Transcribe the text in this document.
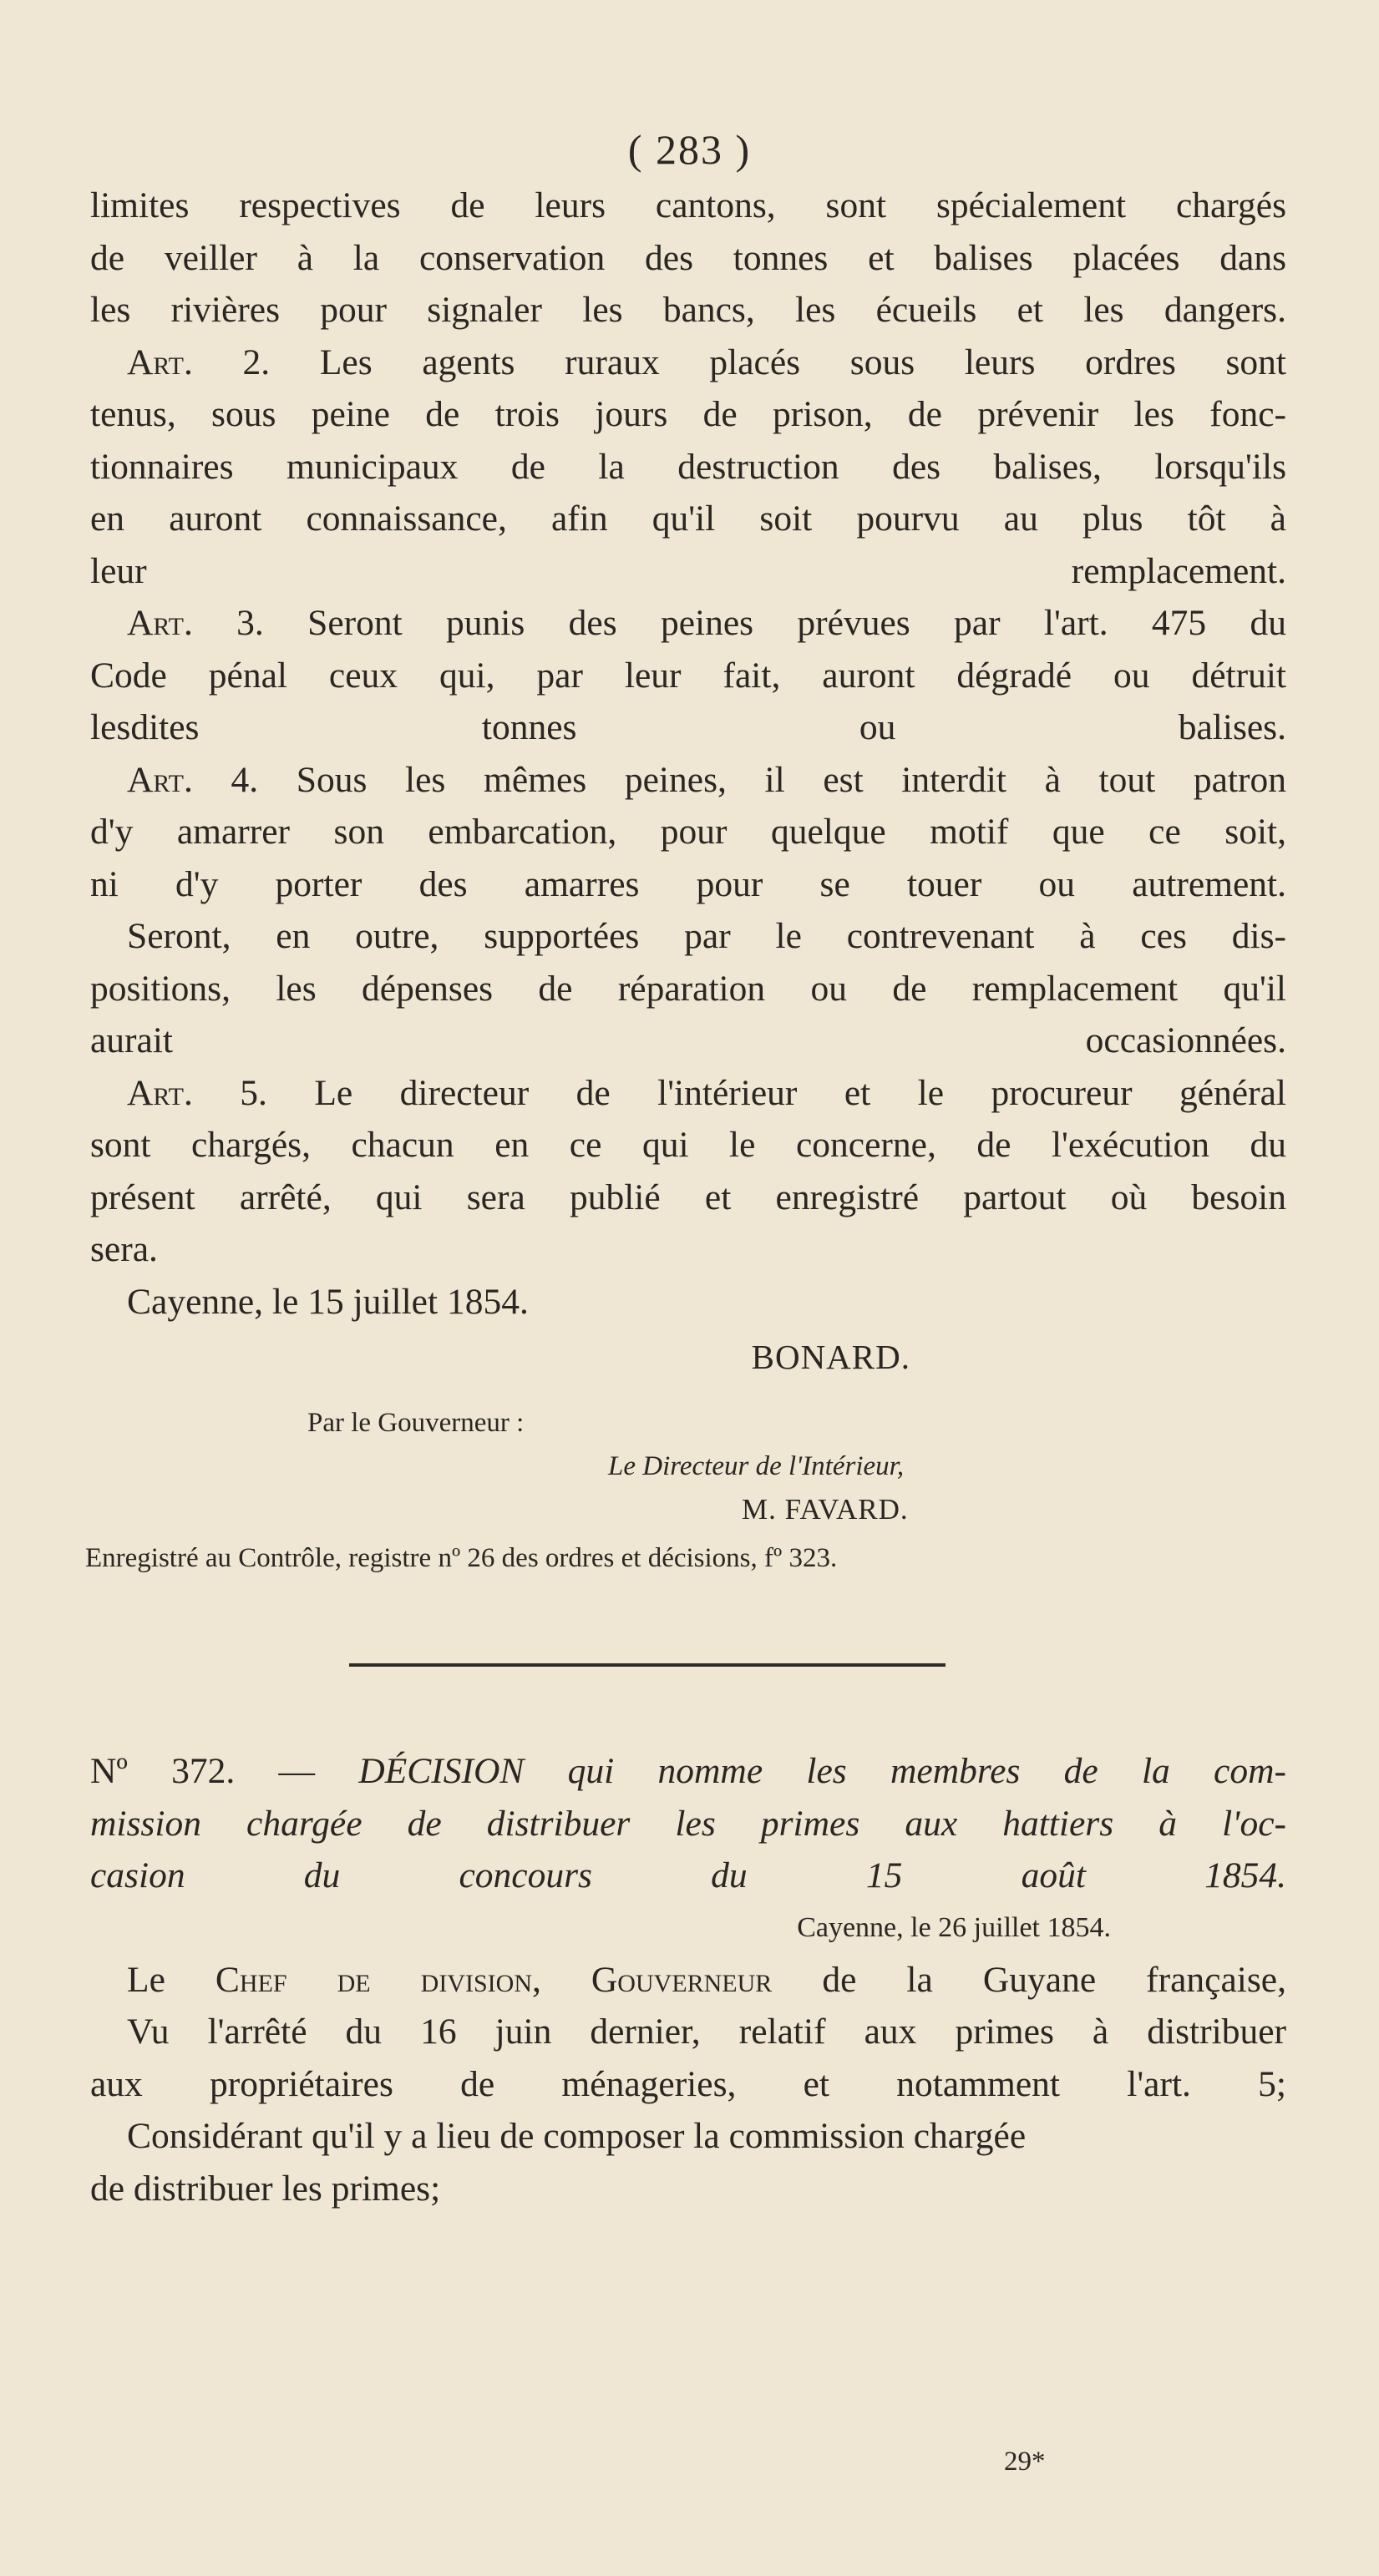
( 283 )

limites respectives de leurs cantons, sont spécialement chargés
de veiller à la conservation des tonnes et balises placées dans
les rivières pour signaler les bancs, les écueils et les dangers.

Art. 2. Les agents ruraux placés sous leurs ordres sont
tenus, sous peine de trois jours de prison, de prévenir les fonc-
tionnaires municipaux de la destruction des balises, lorsqu'ils
en auront connaissance, afin qu'il soit pourvu au plus tôt à
leur remplacement.

Art. 3. Seront punis des peines prévues par l'art. 475 du
Code pénal ceux qui, par leur fait, auront dégradé ou détruit
lesdites tonnes ou balises.

Art. 4. Sous les mêmes peines, il est interdit à tout patron
d'y amarrer son embarcation, pour quelque motif que ce soit,
ni d'y porter des amarres pour se touer ou autrement.

Seront, en outre, supportées par le contrevenant à ces dis-
positions, les dépenses de réparation ou de remplacement qu'il
aurait occasionnées.

Art. 5. Le directeur de l'intérieur et le procureur général
sont chargés, chacun en ce qui le concerne, de l'exécution du
présent arrêté, qui sera publié et enregistré partout où besoin
sera.

Cayenne, le 15 juillet 1854.

BONARD.

Par le Gouverneur :

Le Directeur de l'Intérieur,

M. FAVARD.

Enregistré au Contrôle, registre nº 26 des ordres et décisions, fº 323.

Nº 372. — DÉCISION qui nomme les membres de la com-
mission chargée de distribuer les primes aux hattiers à l'oc-
casion du concours du 15 août 1854.

Cayenne, le 26 juillet 1854.

Le Chef de division, Gouverneur de la Guyane française,

Vu l'arrêté du 16 juin dernier, relatif aux primes à distribuer
aux propriétaires de ménageries, et notamment l'art. 5;

Considérant qu'il y a lieu de composer la commission chargée
de distribuer les primes;

29*
